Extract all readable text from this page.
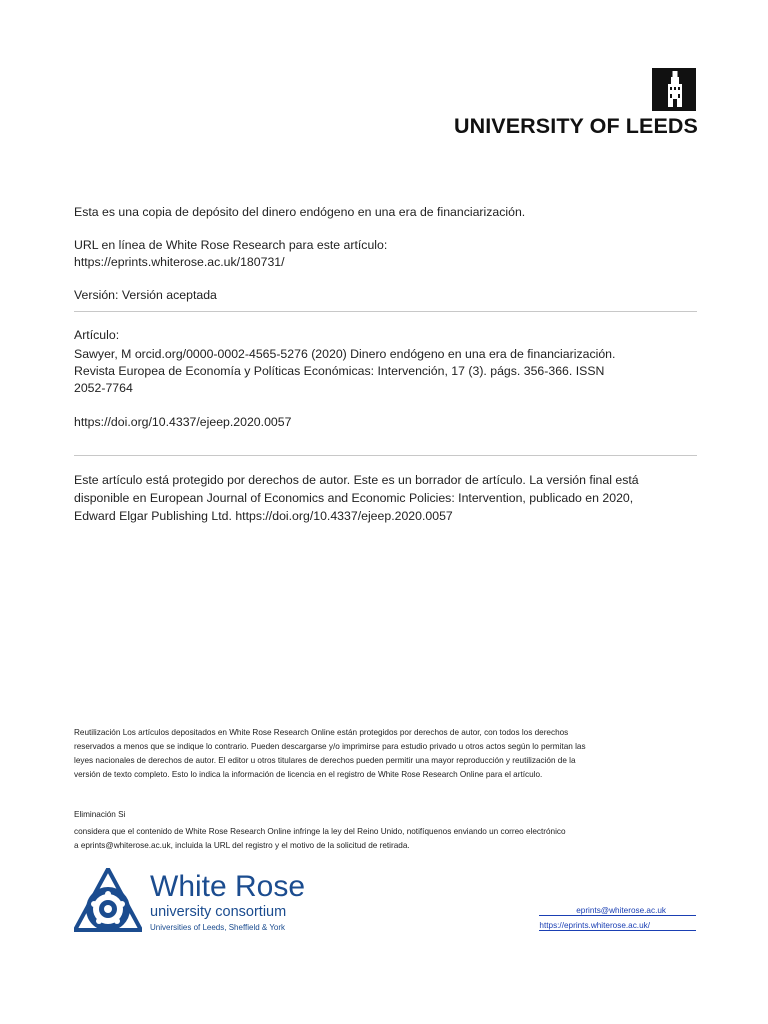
UNIVERSITY OF LEEDS
Esta es una copia de depósito del dinero endógeno en una era de financiarización.
URL en línea de White Rose Research para este artículo:
https://eprints.whiterose.ac.uk/180731/
Versión: Versión aceptada
Artículo:
Sawyer, M orcid.org/0000-0002-4565-5276 (2020) Dinero endógeno en una era de financiarización.
Revista Europea de Economía y Políticas Económicas: Intervención, 17 (3). págs. 356-366. ISSN
2052-7764
https://doi.org/10.4337/ejeep.2020.0057
Este artículo está protegido por derechos de autor. Este es un borrador de artículo. La versión final está
disponible en European Journal of Economics and Economic Policies: Intervention, publicado en 2020,
Edward Elgar Publishing Ltd. https://doi.org/10.4337/ejeep.2020.0057
Reutilización Los artículos depositados en White Rose Research Online están protegidos por derechos de autor, con todos los derechos
reservados a menos que se indique lo contrario. Pueden descargarse y/o imprimirse para estudio privado u otros actos según lo permitan las
leyes nacionales de derechos de autor. El editor u otros titulares de derechos pueden permitir una mayor reproducción y reutilización de la
versión de texto completo. Esto lo indica la información de licencia en el registro de White Rose Research Online para el artículo.
Eliminación Si
considera que el contenido de White Rose Research Online infringe la ley del Reino Unido, notifíquenos enviando un correo electrónico
a eprints@whiterose.ac.uk, incluida la URL del registro y el motivo de la solicitud de retirada.
White Rose
university consortium
Universities of Leeds, Sheffield & York
eprints@whiterose.ac.uk
https://eprints.whiterose.ac.uk/
